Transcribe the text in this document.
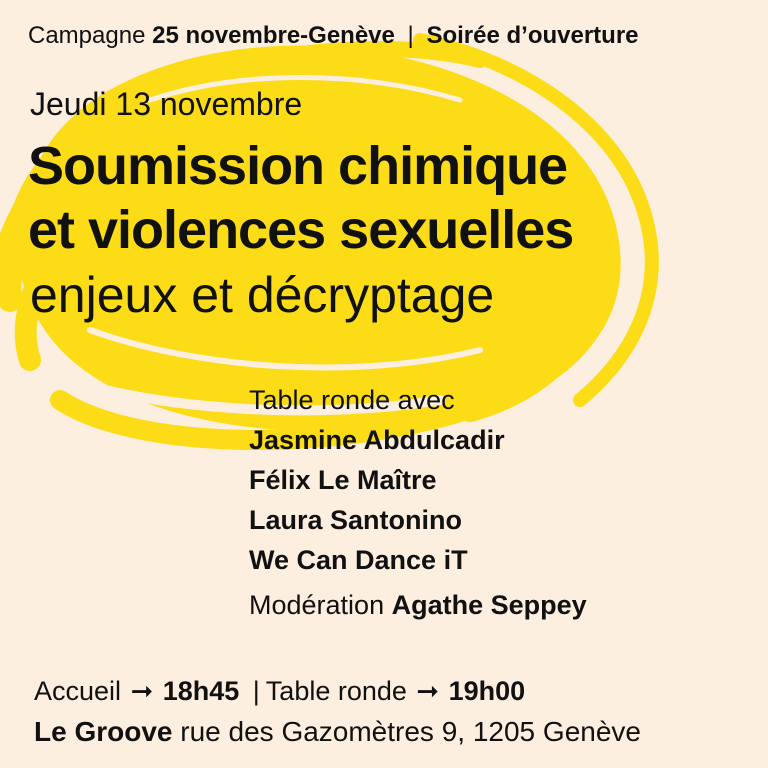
Campagne 25 novembre-Genève | Soirée d’ouverture
Jeudi 13 novembre
Soumission chimique
et violences sexuelles
enjeux et décryptage
Table ronde avec
Jasmine Abdulcadir
Félix Le Maître
Laura Santonino
We Can Dance iT
Modération Agathe Seppey
Accueil ➞ 18h45 | Table ronde ➞ 19h00
Le Groove rue des Gazomètres 9, 1205 Genève
